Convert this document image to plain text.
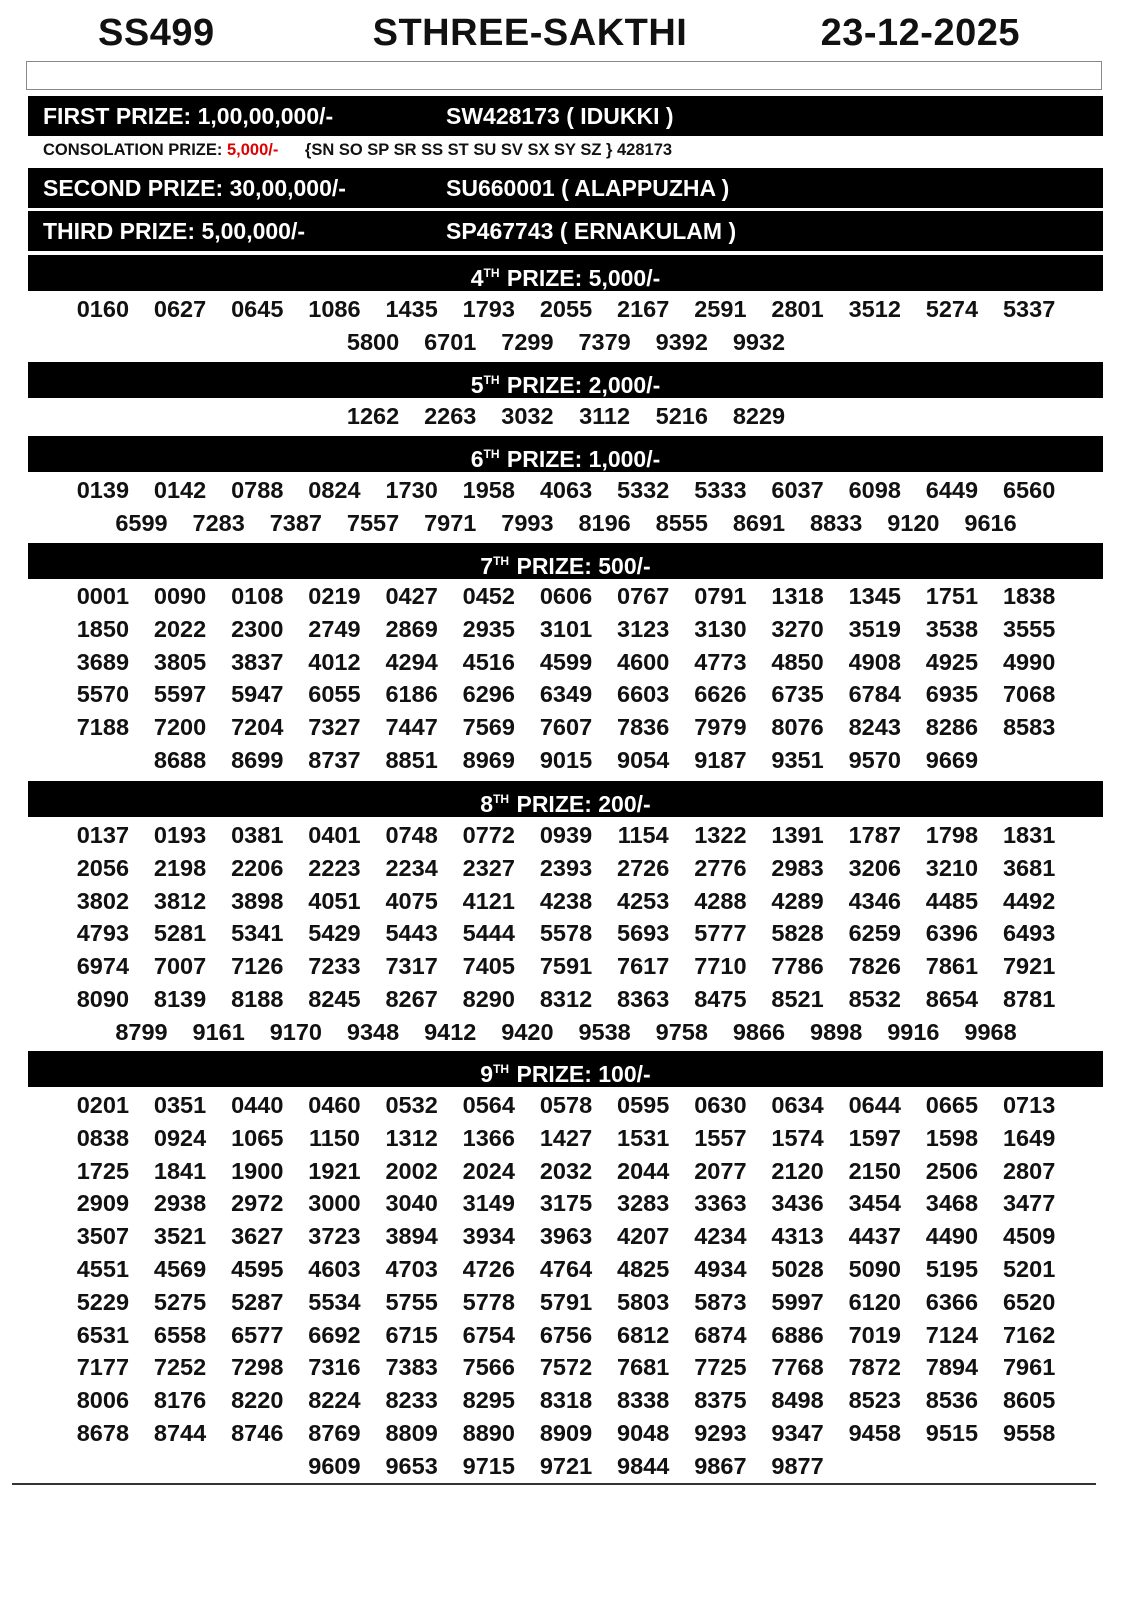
SS499	STHREE-SAKTHI	23-12-2025
FIRST PRIZE: 1,00,00,000/-	SW428173 ( IDUKKI )
CONSOLATION PRIZE: 5,000/- {SN SO SP SR SS ST SU SV SX SY SZ } 428173
SECOND PRIZE: 30,00,000/-	SU660001 ( ALAPPUZHA )
THIRD PRIZE: 5,00,000/-	SP467743 ( ERNAKULAM )
4TH PRIZE: 5,000/-
0160	0627	0645	1086	1435	1793	2055	2167	2591	2801	3512	5274	5337
5800	6701	7299	7379	9392	9932
5TH PRIZE: 2,000/-
1262	2263	3032	3112	5216	8229
6TH PRIZE: 1,000/-
0139	0142	0788	0824	1730	1958	4063	5332	5333	6037	6098	6449	6560
6599	7283	7387	7557	7971	7993	8196	8555	8691	8833	9120	9616
7TH PRIZE: 500/-
0001	0090	0108	0219	0427	0452	0606	0767	0791	1318	1345	1751	1838
1850	2022	2300	2749	2869	2935	3101	3123	3130	3270	3519	3538	3555
3689	3805	3837	4012	4294	4516	4599	4600	4773	4850	4908	4925	4990
5570	5597	5947	6055	6186	6296	6349	6603	6626	6735	6784	6935	7068
7188	7200	7204	7327	7447	7569	7607	7836	7979	8076	8243	8286	8583
8688	8699	8737	8851	8969	9015	9054	9187	9351	9570	9669
8TH PRIZE: 200/-
0137	0193	0381	0401	0748	0772	0939	1154	1322	1391	1787	1798	1831
2056	2198	2206	2223	2234	2327	2393	2726	2776	2983	3206	3210	3681
3802	3812	3898	4051	4075	4121	4238	4253	4288	4289	4346	4485	4492
4793	5281	5341	5429	5443	5444	5578	5693	5777	5828	6259	6396	6493
6974	7007	7126	7233	7317	7405	7591	7617	7710	7786	7826	7861	7921
8090	8139	8188	8245	8267	8290	8312	8363	8475	8521	8532	8654	8781
8799	9161	9170	9348	9412	9420	9538	9758	9866	9898	9916	9968
9TH PRIZE: 100/-
0201	0351	0440	0460	0532	0564	0578	0595	0630	0634	0644	0665	0713
0838	0924	1065	1150	1312	1366	1427	1531	1557	1574	1597	1598	1649
1725	1841	1900	1921	2002	2024	2032	2044	2077	2120	2150	2506	2807
2909	2938	2972	3000	3040	3149	3175	3283	3363	3436	3454	3468	3477
3507	3521	3627	3723	3894	3934	3963	4207	4234	4313	4437	4490	4509
4551	4569	4595	4603	4703	4726	4764	4825	4934	5028	5090	5195	5201
5229	5275	5287	5534	5755	5778	5791	5803	5873	5997	6120	6366	6520
6531	6558	6577	6692	6715	6754	6756	6812	6874	6886	7019	7124	7162
7177	7252	7298	7316	7383	7566	7572	7681	7725	7768	7872	7894	7961
8006	8176	8220	8224	8233	8295	8318	8338	8375	8498	8523	8536	8605
8678	8744	8746	8769	8809	8890	8909	9048	9293	9347	9458	9515	9558
9609	9653	9715	9721	9844	9867	9877
